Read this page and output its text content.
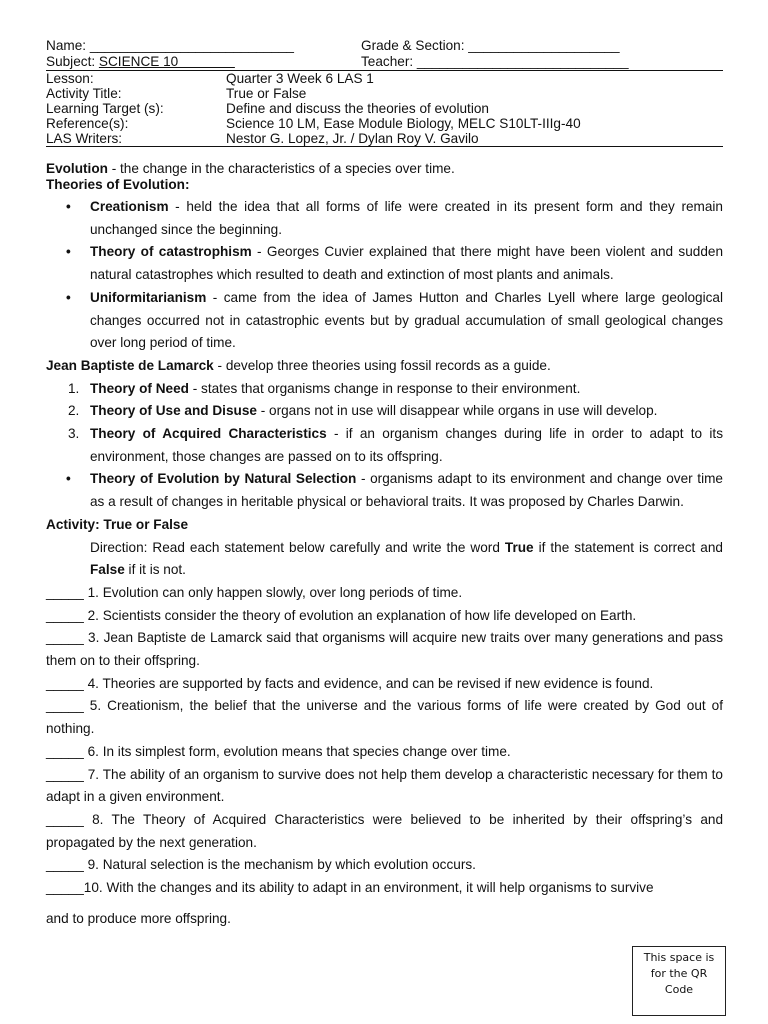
Name: ___________________________	Grade & Section: ____________________
Subject: SCIENCE 10	Teacher: ____________________________
Lesson:	Quarter 3 Week 6 LAS 1
Activity Title:	True or False
Learning Target (s):	Define and discuss the theories of evolution
Reference(s):	Science 10 LM, Ease Module Biology, MELC S10LT-IIIg-40
LAS Writers:	Nestor G. Lopez, Jr. / Dylan Roy V. Gavilo

Evolution - the change in the characteristics of a species over time.

Theories of Evolution:

• Creationism - held the idea that all forms of life were created in its present form and they remain unchanged since the beginning.
• Theory of catastrophism - Georges Cuvier explained that there might have been violent and sudden natural catastrophes which resulted to death and extinction of most plants and animals.
• Uniformitarianism - came from the idea of James Hutton and Charles Lyell where large geological changes occurred not in catastrophic events but by gradual accumulation of small geological changes over long period of time.

Jean Baptiste de Lamarck - develop three theories using fossil records as a guide.

1. Theory of Need - states that organisms change in response to their environment.
2. Theory of Use and Disuse - organs not in use will disappear while organs in use will develop.
3. Theory of Acquired Characteristics - if an organism changes during life in order to adapt to its environment, those changes are passed on to its offspring.
• Theory of Evolution by Natural Selection - organisms adapt to its environment and change over time as a result of changes in heritable physical or behavioral traits. It was proposed by Charles Darwin.

Activity: True or False

Direction: Read each statement below carefully and write the word True if the statement is correct and False if it is not.

_____ 1. Evolution can only happen slowly, over long periods of time.

_____ 2. Scientists consider the theory of evolution an explanation of how life developed on Earth.

_____ 3. Jean Baptiste de Lamarck said that organisms will acquire new traits over many generations and pass them on to their offspring.

_____ 4. Theories are supported by facts and evidence, and can be revised if new evidence is found.

_____ 5. Creationism, the belief that the universe and the various forms of life were created by God out of nothing.

_____ 6. In its simplest form, evolution means that species change over time.

_____ 7. The ability of an organism to survive does not help them develop a characteristic necessary for them to adapt in a given environment.

_____ 8. The Theory of Acquired Characteristics were believed to be inherited by their offspring’s and propagated by the next generation.

_____ 9. Natural selection is the mechanism by which evolution occurs.

_____10. With the changes and its ability to adapt in an environment, it will help organisms to survive

and to produce more offspring.

This space is
for the QR
Code
